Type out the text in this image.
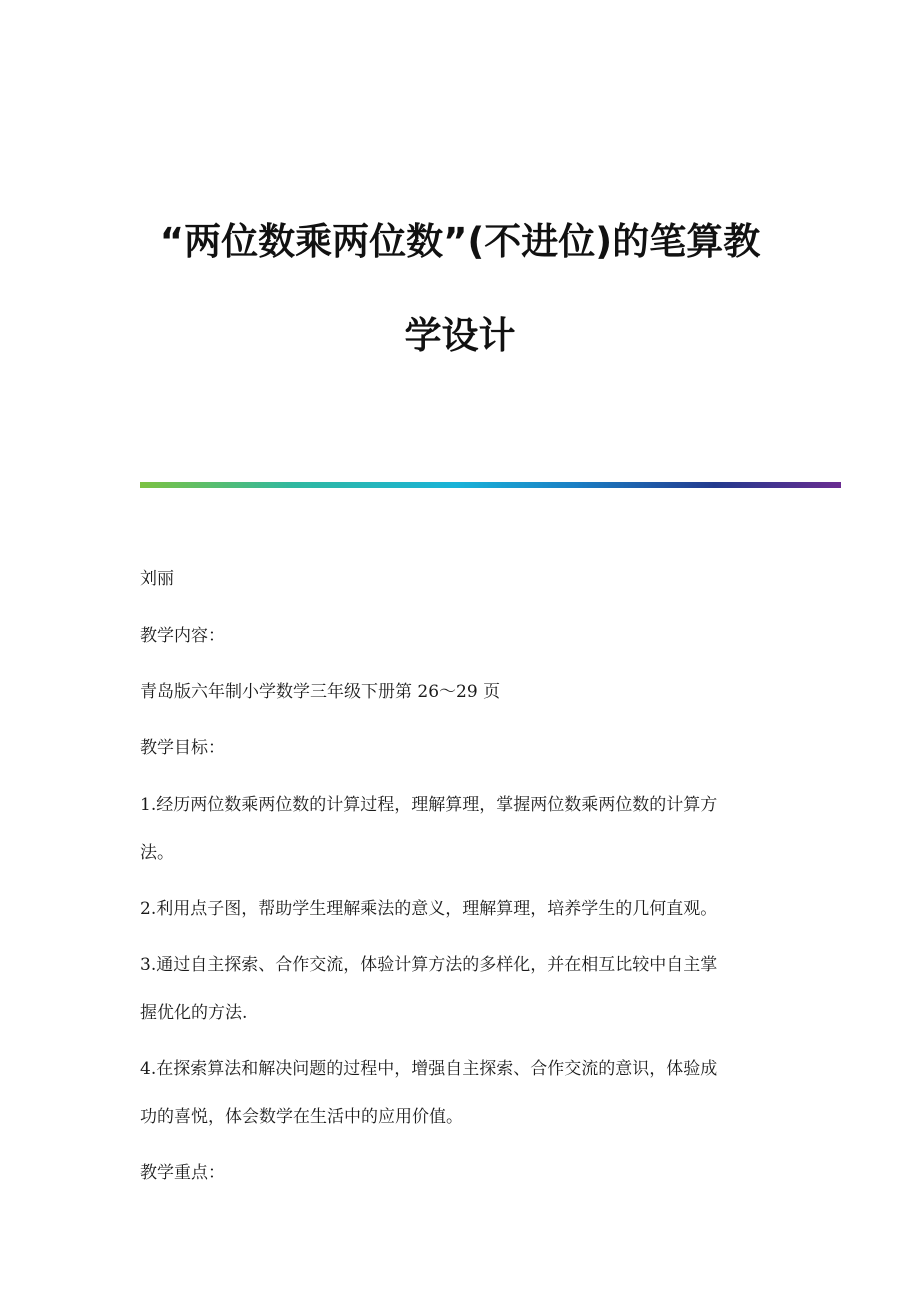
“两位数乘两位数”(不进位)的笔算教
学设计
刘丽
教学内容：
青岛版六年制小学数学三年级下册第 26～29 页
教学目标：
1.经历两位数乘两位数的计算过程，理解算理，掌握两位数乘两位数的计算方
法。
2.利用点子图，帮助学生理解乘法的意义，理解算理，培养学生的几何直观。
3.通过自主探索、合作交流，体验计算方法的多样化，并在相互比较中自主掌
握优化的方法.
4.在探索算法和解决问题的过程中，增强自主探索、合作交流的意识，体验成
功的喜悦，体会数学在生活中的应用价值。
教学重点：
